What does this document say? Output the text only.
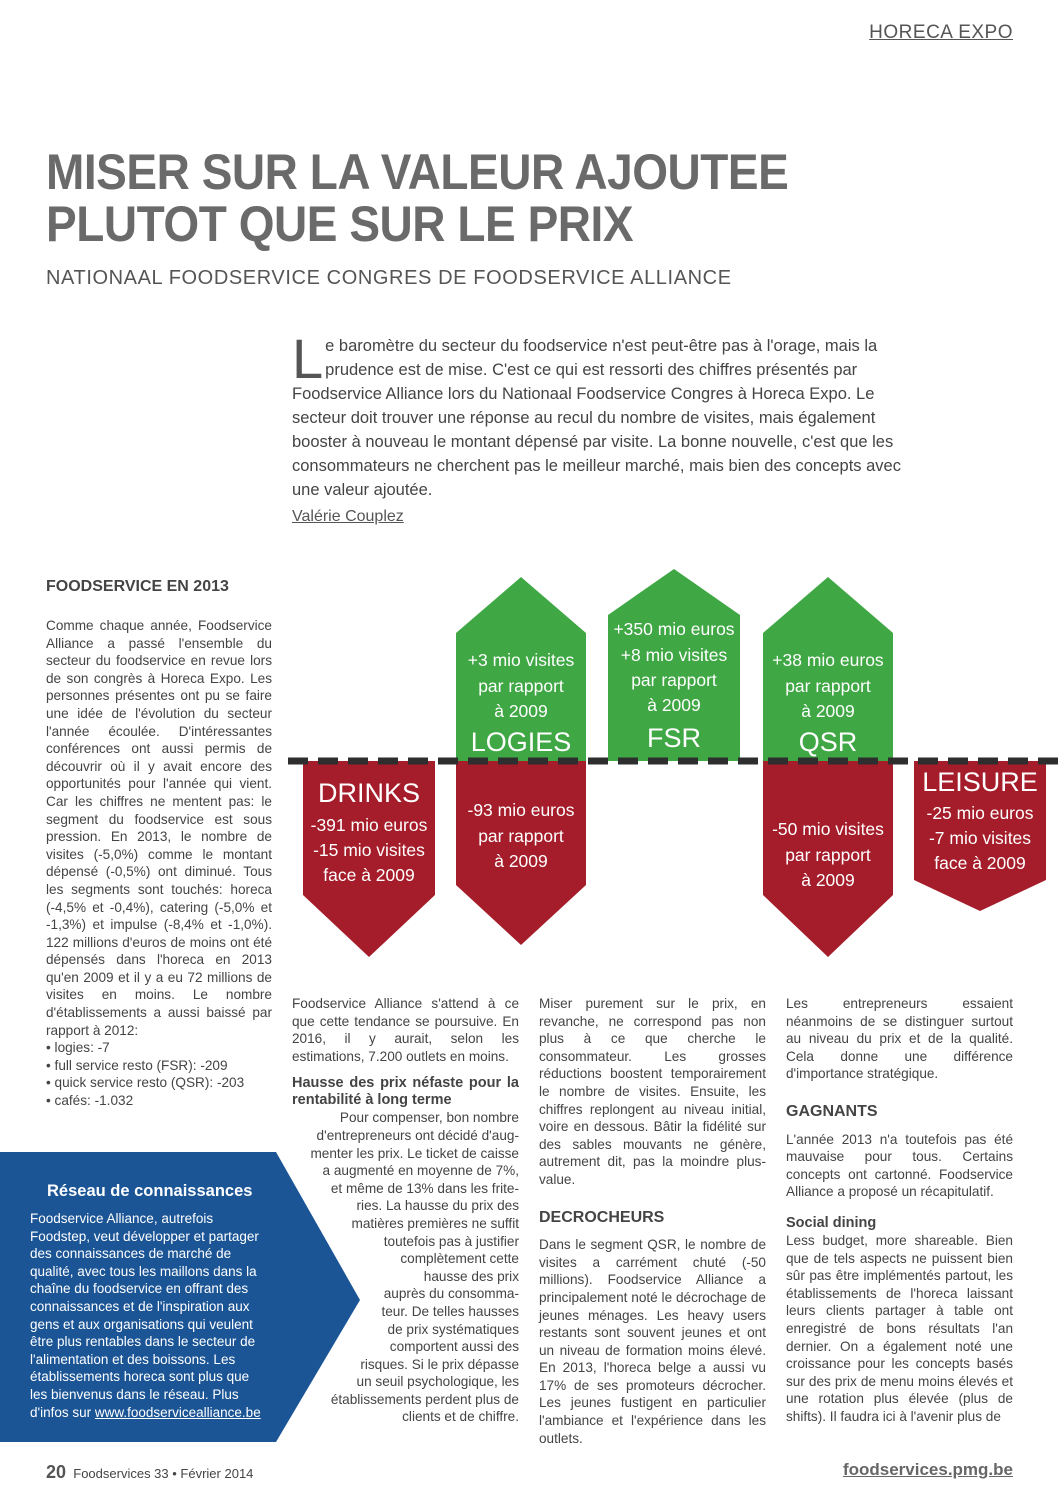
HORECA EXPO
MISER SUR LA VALEUR AJOUTEE
PLUTOT QUE SUR LE PRIX
NATIONAAL FOODSERVICE CONGRES DE FOODSERVICE ALLIANCE
L e baromètre du secteur du foodservice n'est peut-être pas à l'orage, mais la prudence est de mise. C'est ce qui est ressorti des chiffres présentés par Foodservice Alliance lors du Nationaal Foodservice Congres à Horeca Expo. Le secteur doit trouver une réponse au recul du nombre de visites, mais également booster à nouveau le montant dépensé par visite. La bonne nouvelle, c'est que les consommateurs ne cherchent pas le meilleur marché, mais bien des concepts avec une valeur ajoutée.
Valérie Couplez
DRINKS
-391 mio euros
-15 mio visites
face à 2009
+3 mio visites
par rapport
à 2009
LOGIES
-93 mio euros
par rapport
à 2009
+350 mio euros
+8 mio visites
par rapport
à 2009
FSR
+38 mio euros
par rapport
à 2009
QSR
-50 mio visites
par rapport
à 2009
LEISURE
-25 mio euros
-7 mio visites
face à 2009
FOODSERVICE EN 2013

Comme chaque année, Foodservice Alliance a passé l'ensemble du secteur du foodservice en revue lors de son congrès à Horeca Expo. Les personnes présentes ont pu se faire une idée de l'évolution du secteur l'année écoulée. D'intéressantes conférences ont aussi permis de découvrir où il y avait encore des opportunités pour l'année qui vient. Car les chiffres ne mentent pas: le segment du foodservice est sous pression. En 2013, le nombre de visites (-5,0%) comme le montant dépensé (-0,5%) ont diminué. Tous les segments sont touchés: horeca (-4,5% et -0,4%), catering (-5,0% et -1,3%) et impulse (-8,4% et -1,0%). 122 millions d'euros de moins ont été dépensés dans l'horeca en 2013 qu'en 2009 et il y a eu 72 millions de visites en moins. Le nombre d'établissements a aussi baissé par rapport à 2012:

• logies: -7
• full service resto (FSR): -209
• quick service resto (QSR): -203
• cafés: -1.032
Réseau de connaissances
Foodservice Alliance, autrefois Foodstep, veut développer et partager des connaissances de marché de qualité, avec tous les maillons dans la chaîne du foodservice en offrant des connaissances et de l'inspiration aux gens et aux organisations qui veulent être plus rentables dans le secteur de l'alimentation et des boissons. Les établissements horeca sont plus que les bienvenus dans le réseau. Plus d'infos sur www.foodservicealliance.be

Foodservice Alliance s'attend à ce que cette tendance se poursuive. En 2016, il y aurait, selon les estimations, 7.200 outlets en moins.

Hausse des prix néfaste pour la rentabilité à long terme
Pour compenser, bon nombre
d'entrepreneurs ont décidé d'aug-
menter les prix. Le ticket de caisse
a augmenté en moyenne de 7%,
et même de 13% dans les frite-
ries. La hausse du prix des
matières premières ne suffit
toutefois pas à justifier
complètement cette
hausse des prix
auprès du consomma-
teur. De telles hausses
de prix systématiques
comportent aussi des
risques. Si le prix dépasse
un seuil psychologique, les
établissements perdent plus de
clients et de chiffre.

Miser purement sur le prix, en revanche, ne correspond pas non plus à ce que cherche le consommateur. Les grosses réductions boostent temporairement le nombre de visites. Ensuite, les chiffres replongent au niveau initial, voire en dessous. Bâtir la fidélité sur des sables mouvants ne génère, autrement dit, pas la moindre plus-value.

DECROCHEURS

Dans le segment QSR, le nombre de visites a carrément chuté (-50 millions). Foodservice Alliance a principalement noté le décrochage de jeunes ménages. Les heavy users restants sont souvent jeunes et ont un niveau de formation moins élevé. En 2013, l'horeca belge a aussi vu 17% de ses promoteurs décrocher. Les jeunes fustigent en particulier l'ambiance et l'expérience dans les outlets.

Les entrepreneurs essaient néanmoins de se distinguer surtout au niveau du prix et de la qualité. Cela donne une différence d'importance stratégique.

GAGNANTS

L'année 2013 n'a toutefois pas été mauvaise pour tous. Certains concepts ont cartonné. Foodservice Alliance a proposé un récapitulatif.

Social dining

Less budget, more shareable. Bien que de tels aspects ne puissent bien sûr pas être implémentés partout, les établissements de l'horeca laissant leurs clients partager à table ont enregistré de bons résultats l'an dernier. On a également noté une croissance pour les concepts basés sur des prix de menu moins élevés et une rotation plus élevée (plus de shifts). Il faudra ici à l'avenir plus de

20 Foodservices 33 • Février 2014	foodservices.pmg.be
